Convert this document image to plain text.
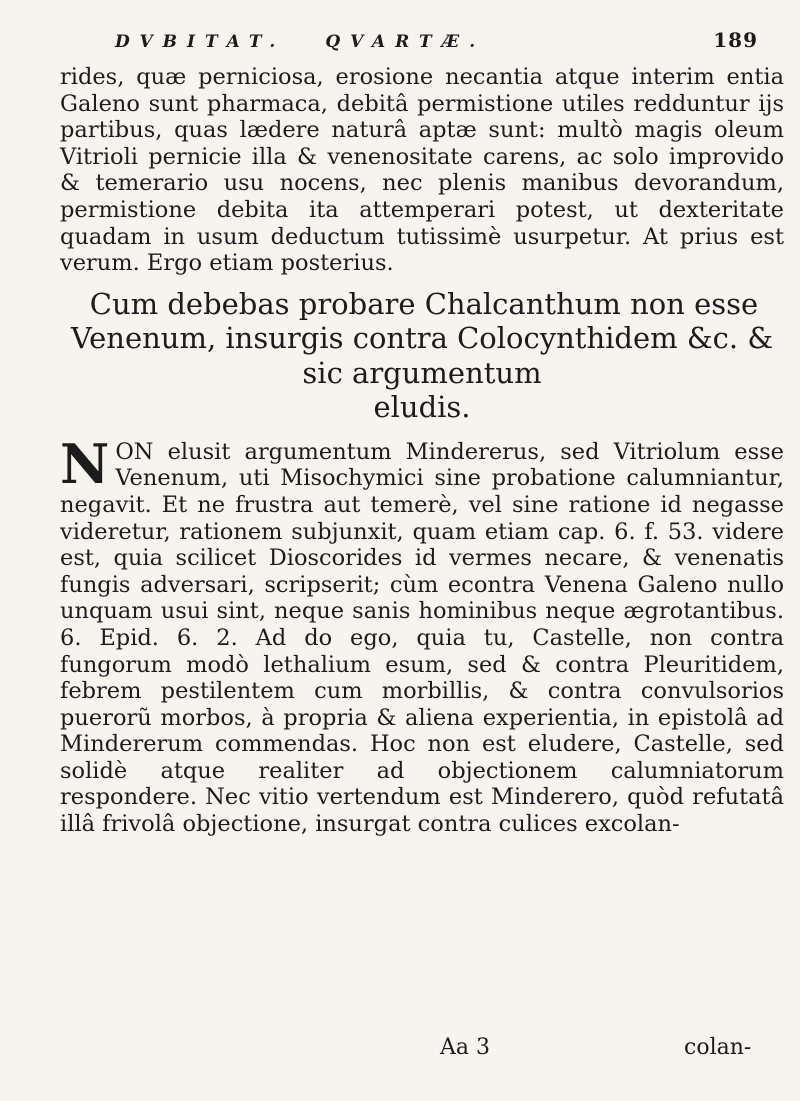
DVBITAT. QVARTÆ.	189

rides, quæ perniciosa, erosione necantia atque interim entia Galeno sunt pharmaca, debitâ permistione utiles redduntur ijs partibus, quas lædere naturâ aptæ sunt: multò magis oleum Vitrioli pernicie illa & venenositate carens, ac solo improvido & temerario usu nocens, nec plenis manibus devorandum, permistione debita ita attemperari potest, ut dexteritate quadam in usum deductum tutissimè usurpetur. At prius est verum. Ergo etiam posterius.

Cum debebas probare Chalcanthum non esse
Venenum, insurgis contra Colocynthidem &c. & sic argumentum
eludis.

N ON elusit argumentum Mindererus, sed Vitriolum esse Venenum, uti Misochymici sine probatione calumniantur, negavit. Et ne frustra aut temerè, vel sine ratione id negasse videretur, rationem subjunxit, quam etiam cap. 6. f. 53. videre est, quia scilicet Dioscorides id vermes necare, & venenatis fungis adversari, scripserit; cùm econtra Venena Galeno nullo unquam usui sint, neque sanis hominibus neque ægrotantibus. 6. Epid. 6. 2. Ad do ego, quia tu, Castelle, non contra fungorum modò lethalium esum, sed & contra Pleuritidem, febrem pestilentem cum morbillis, & contra convulsorios puerorũ morbos, à propria & aliena experientia, in epistolâ ad Mindererum commendas. Hoc non est eludere, Castelle, sed solidè atque realiter ad objectionem calumniatorum respondere. Nec vitio vertendum est Minderero, quòd refutatâ illâ frivolâ objectione, insurgat contra culices excolan-

Aa 3	colan-
